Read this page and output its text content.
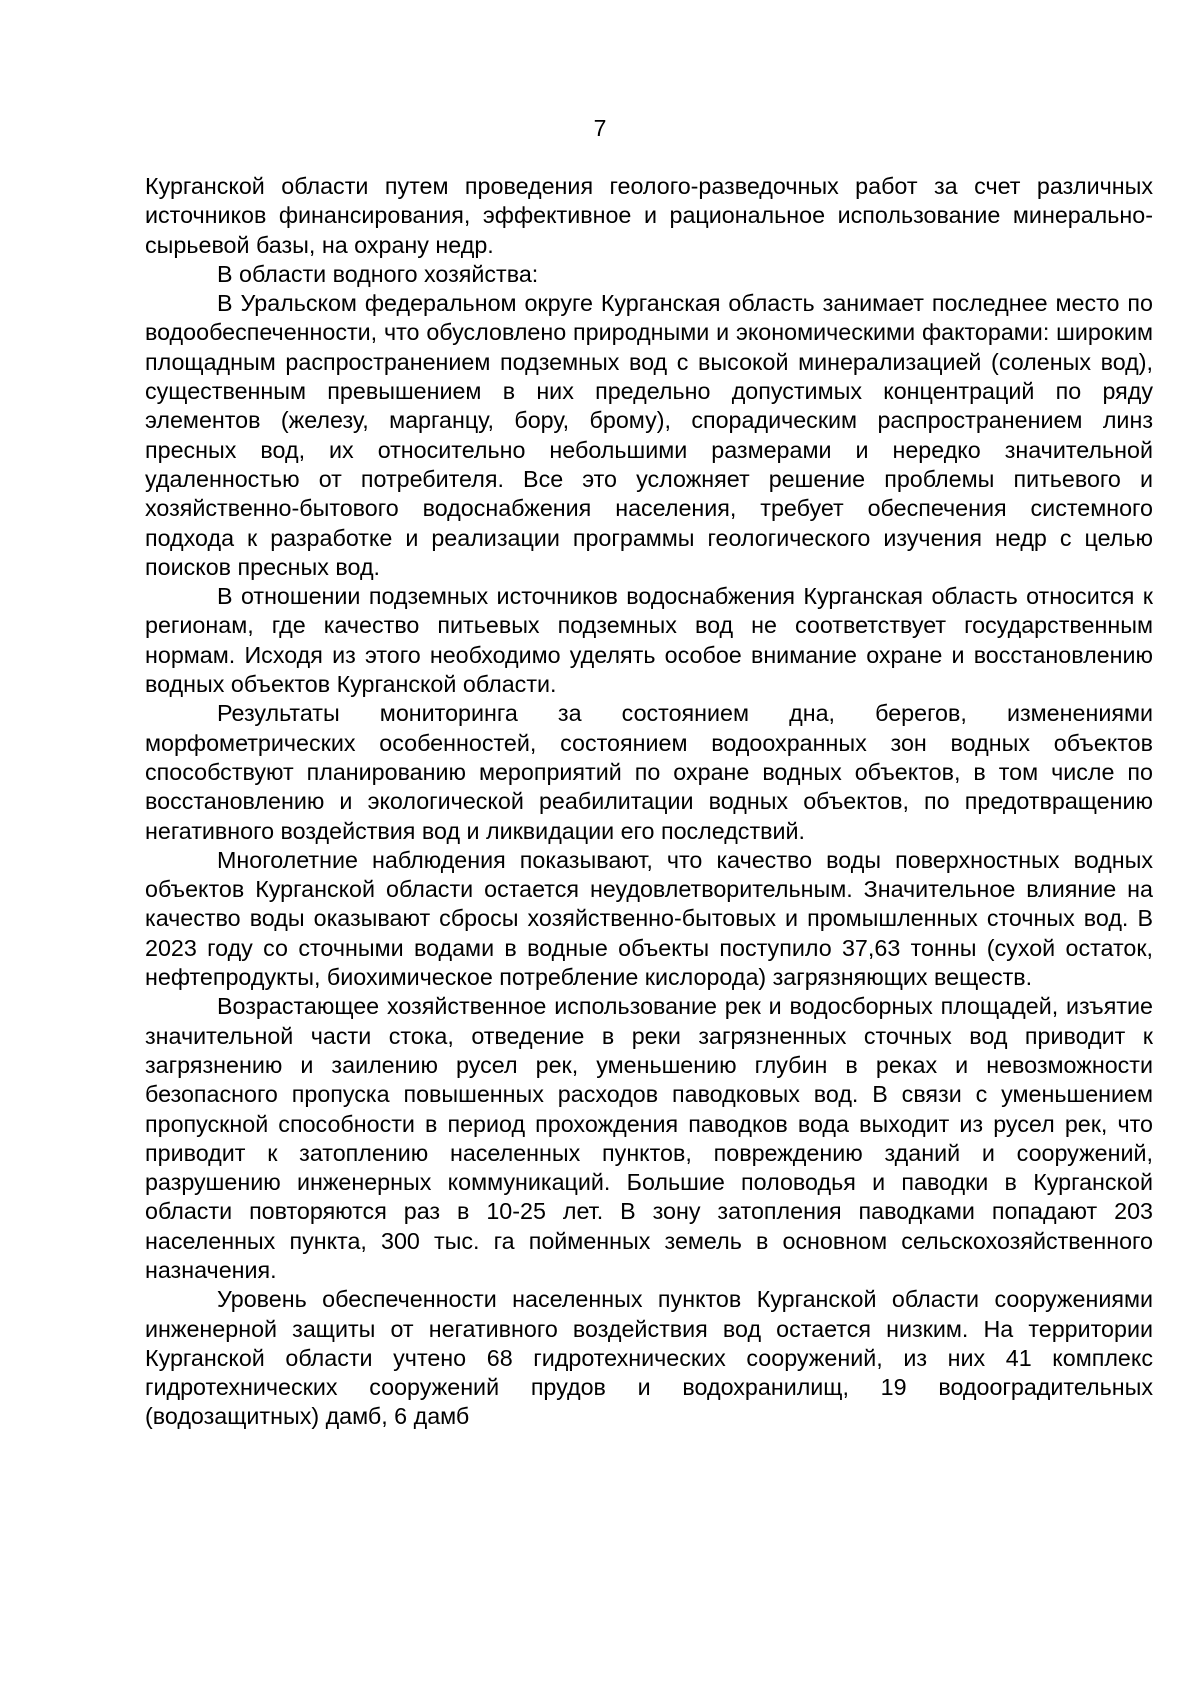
7

Курганской области путем проведения геолого-разведочных работ за счет различных источников финансирования, эффективное и рациональное использование минерально-сырьевой базы, на охрану недр.

В области водного хозяйства:

В Уральском федеральном округе Курганская область занимает последнее место по водообеспеченности, что обусловлено природными и экономическими факторами: широким площадным распространением подземных вод с высокой минерализацией (соленых вод), существенным превышением в них предельно допустимых концентраций по ряду элементов (железу, марганцу, бору, брому), спорадическим распространением линз пресных вод, их относительно небольшими размерами и нередко значительной удаленностью от потребителя. Все это усложняет решение проблемы питьевого и хозяйственно-бытового водоснабжения населения, требует обеспечения системного подхода к разработке и реализации программы геологического изучения недр с целью поисков пресных вод.

В отношении подземных источников водоснабжения Курганская область относится к регионам, где качество питьевых подземных вод не соответствует государственным нормам. Исходя из этого необходимо уделять особое внимание охране и восстановлению водных объектов Курганской области.

Результаты мониторинга за состоянием дна, берегов, изменениями морфометрических особенностей, состоянием водоохранных зон водных объектов способствуют планированию мероприятий по охране водных объектов, в том числе по восстановлению и экологической реабилитации водных объектов, по предотвращению негативного воздействия вод и ликвидации его последствий.

Многолетние наблюдения показывают, что качество воды поверхностных водных объектов Курганской области остается неудовлетворительным. Значительное влияние на качество воды оказывают сбросы хозяйственно-бытовых и промышленных сточных вод. В 2023 году со сточными водами в водные объекты поступило 37,63 тонны (сухой остаток, нефтепродукты, биохимическое потребление кислорода) загрязняющих веществ.

Возрастающее хозяйственное использование рек и водосборных площадей, изъятие значительной части стока, отведение в реки загрязненных сточных вод приводит к загрязнению и заилению русел рек, уменьшению глубин в реках и невозможности безопасного пропуска повышенных расходов паводковых вод. В связи с уменьшением пропускной способности в период прохождения паводков вода выходит из русел рек, что приводит к затоплению населенных пунктов, повреждению зданий и сооружений, разрушению инженерных коммуникаций. Большие половодья и паводки в Курганской области повторяются раз в 10-25 лет. В зону затопления паводками попадают 203 населенных пункта, 300 тыс. га пойменных земель в основном сельскохозяйственного назначения.

Уровень обеспеченности населенных пунктов Курганской области сооружениями инженерной защиты от негативного воздействия вод остается низким. На территории Курганской области учтено 68 гидротехнических сооружений, из них 41 комплекс гидротехнических сооружений прудов и водохранилищ, 19 водооградительных (водозащитных) дамб, 6 дамб
